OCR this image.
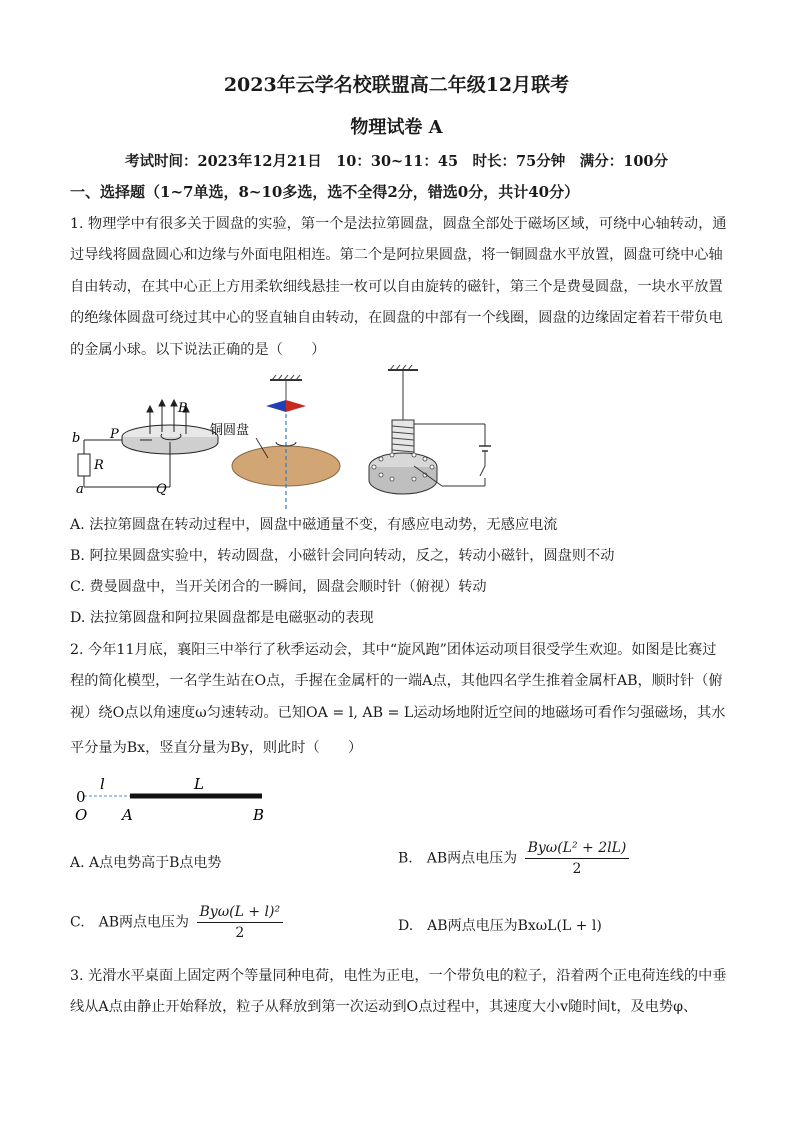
2023年云学名校联盟高二年级12月联考
物理试卷 A
考试时间：2023年12月21日　10：30~11：45　时长：75分钟　满分：100分
一、选择题（1~7单选，8~10多选，选不全得2分，错选0分，共计40分）
1. 物理学中有很多关于圆盘的实验，第一个是法拉第圆盘，圆盘全部处于磁场区域，可绕中心轴转动，通
过导线将圆盘圆心和边缘与外面电阻相连。第二个是阿拉果圆盘，将一铜圆盘水平放置，圆盘可绕中心轴
自由转动，在其中心正上方用柔软细线悬挂一枚可以自由旋转的磁针，第三个是费曼圆盘，一块水平放置
的绝缘体圆盘可绕过其中心的竖直轴自由转动，在圆盘的中部有一个线圈，圆盘的边缘固定着若干带负电
的金属小球。以下说法正确的是（　　）
b
R
a
P
B
Q
铜圆盘
A. 法拉第圆盘在转动过程中，圆盘中磁通量不变，有感应电动势，无感应电流
B. 阿拉果圆盘实验中，转动圆盘，小磁针会同向转动，反之，转动小磁针，圆盘则不动
C. 费曼圆盘中，当开关闭合的一瞬间，圆盘会顺时针（俯视）转动
D. 法拉第圆盘和阿拉果圆盘都是电磁驱动的表现
2. 今年11月底，襄阳三中举行了秋季运动会，其中“旋风跑”团体运动项目很受学生欢迎。如图是比赛过
程的简化模型，一名学生站在O点，手握在金属杆的一端A点，其他四名学生推着金属杆AB，顺时针（俯
视）绕O点以角速度ω匀速转动。已知OA = l, AB = L运动场地附近空间的地磁场可看作匀强磁场，其水
平分量为Bx，竖直分量为By，则此时（　　）
0
l	L
O A	B
A. A点电势高于B点电势	B.　AB两点电压为 $\frac{\text{Byω(L² + 2lL)}}{2}$
C.　AB两点电压为 $\frac{\text{Byω(L + l)²}}{2}$	D.　AB两点电压为BxωL(L + l)
3. 光滑水平桌面上固定两个等量同种电荷，电性为正电，一个带负电的粒子，沿着两个正电荷连线的中垂
线从A点由静止开始释放，粒子从释放到第一次运动到O点过程中，其速度大小v随时间t，及电势φ、
